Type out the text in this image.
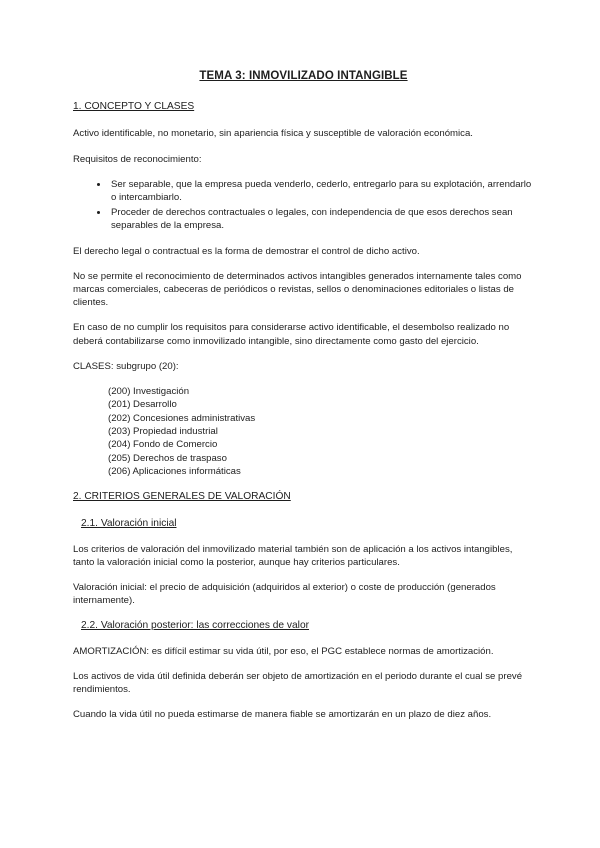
TEMA 3: INMOVILIZADO INTANGIBLE
1. CONCEPTO Y CLASES

Activo identificable, no monetario, sin apariencia física y susceptible de valoración económica.

Requisitos de reconocimiento:

• Ser separable, que la empresa pueda venderlo, cederlo, entregarlo para su explotación, arrendarlo o intercambiarlo.
• Proceder de derechos contractuales o legales, con independencia de que esos derechos sean separables de la empresa.

El derecho legal o contractual es la forma de demostrar el control de dicho activo.

No se permite el reconocimiento de determinados activos intangibles generados internamente tales como marcas comerciales, cabeceras de periódicos o revistas, sellos o denominaciones editoriales o listas de clientes.

En caso de no cumplir los requisitos para considerarse activo identificable, el desembolso realizado no deberá contabilizarse como inmovilizado intangible, sino directamente como gasto del ejercicio.

CLASES: subgrupo (20):

(200) Investigación
(201) Desarrollo
(202) Concesiones administrativas
(203) Propiedad industrial
(204) Fondo de Comercio
(205) Derechos de traspaso
(206) Aplicaciones informáticas
2. CRITERIOS GENERALES DE VALORACIÓN
2.1. Valoración inicial

Los criterios de valoración del inmovilizado material también son de aplicación a los activos intangibles, tanto la valoración inicial como la posterior, aunque hay criterios particulares.

Valoración inicial: el precio de adquisición (adquiridos al exterior) o coste de producción (generados internamente).

2.2. Valoración posterior: las correcciones de valor

AMORTIZACIÓN: es difícil estimar su vida útil, por eso, el PGC establece normas de amortización.

Los activos de vida útil definida deberán ser objeto de amortización en el periodo durante el cual se prevé rendimientos.

Cuando la vida útil no pueda estimarse de manera fiable se amortizarán en un plazo de diez años.
